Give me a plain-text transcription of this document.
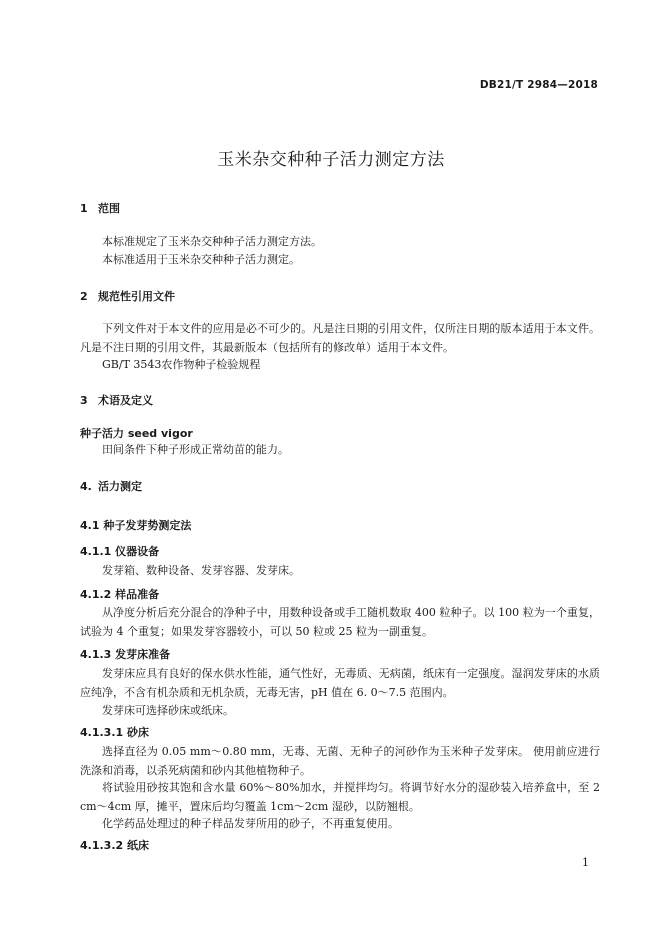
DB21/T 2984—2018
玉米杂交种种子活力测定方法
1 范围

本标准规定了玉米杂交种种子活力测定方法。

本标准适用于玉米杂交种种子活力测定。

2 规范性引用文件

下列文件对于本文件的应用是必不可少的。凡是注日期的引用文件，仅所注日期的版本适用于本文件。凡是不注日期的引用文件，其最新版本（包括所有的修改单）适用于本文件。

GB/T 3543农作物种子检验规程

3 术语及定义
种子活力 seed vigor

田间条件下种子形成正常幼苗的能力。

4. 活力测定
4.1 种子发芽势测定法
4.1.1 仪器设备

发芽箱、数种设备、发芽容器、发芽床。

4.1.2 样品准备

从净度分析后充分混合的净种子中，用数种设备或手工随机数取 400 粒种子。以 100 粒为一个重复，试验为 4 个重复；如果发芽容器较小，可以 50 粒或 25 粒为一副重复。

4.1.3 发芽床准备

发芽床应具有良好的保水供水性能，通气性好，无毒质、无病菌，纸床有一定强度。湿润发芽床的水质应纯净，不含有机杂质和无机杂质，无毒无害，pH 值在 6. 0～7.5 范围内。

发芽床可选择砂床或纸床。

4.1.3.1 砂床

选择直径为 0.05 mm～0.80 mm，无毒、无菌、无种子的河砂作为玉米种子发芽床。 使用前应进行洗涤和消毒，以杀死病菌和砂内其他植物种子。

将试验用砂按其饱和含水量 60%～80%加水，并搅拌均匀。将调节好水分的湿砂装入培养盒中，至 2 cm～4cm 厚，摊平，置床后均匀覆盖 1cm～2cm 湿砂，以防翘根。

化学药品处理过的种子样品发芽所用的砂子，不再重复使用。

4.1.3.2 纸床
1
